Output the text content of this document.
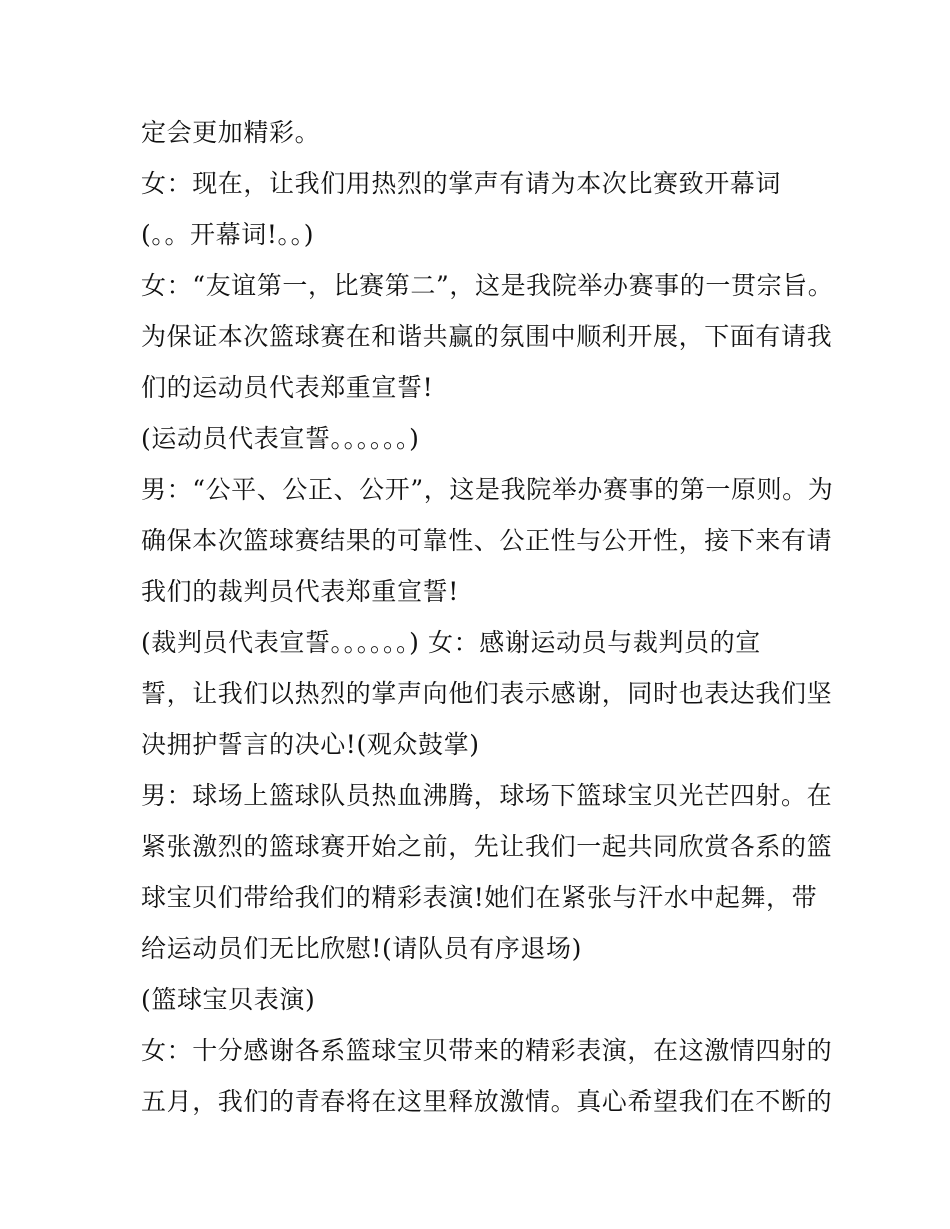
定会更加精彩。
女：现在，让我们用热烈的掌声有请为本次比赛致开幕词
(。。开幕词!。。)
女：“友谊第一，比赛第二”，这是我院举办赛事的一贯宗旨。
为保证本次篮球赛在和谐共赢的氛围中顺利开展，下面有请我
们的运动员代表郑重宣誓!
(运动员代表宣誓。。。。。。)
男：“公平、公正、公开”，这是我院举办赛事的第一原则。为
确保本次篮球赛结果的可靠性、公正性与公开性，接下来有请
我们的裁判员代表郑重宣誓!
(裁判员代表宣誓。。。。。。) 女：感谢运动员与裁判员的宣
誓，让我们以热烈的掌声向他们表示感谢，同时也表达我们坚
决拥护誓言的决心!(观众鼓掌)
男：球场上篮球队员热血沸腾，球场下篮球宝贝光芒四射。在
紧张激烈的篮球赛开始之前，先让我们一起共同欣赏各系的篮
球宝贝们带给我们的精彩表演!她们在紧张与汗水中起舞，带
给运动员们无比欣慰!(请队员有序退场)
(篮球宝贝表演)
女：十分感谢各系篮球宝贝带来的精彩表演，在这激情四射的
五月，我们的青春将在这里释放激情。真心希望我们在不断的
